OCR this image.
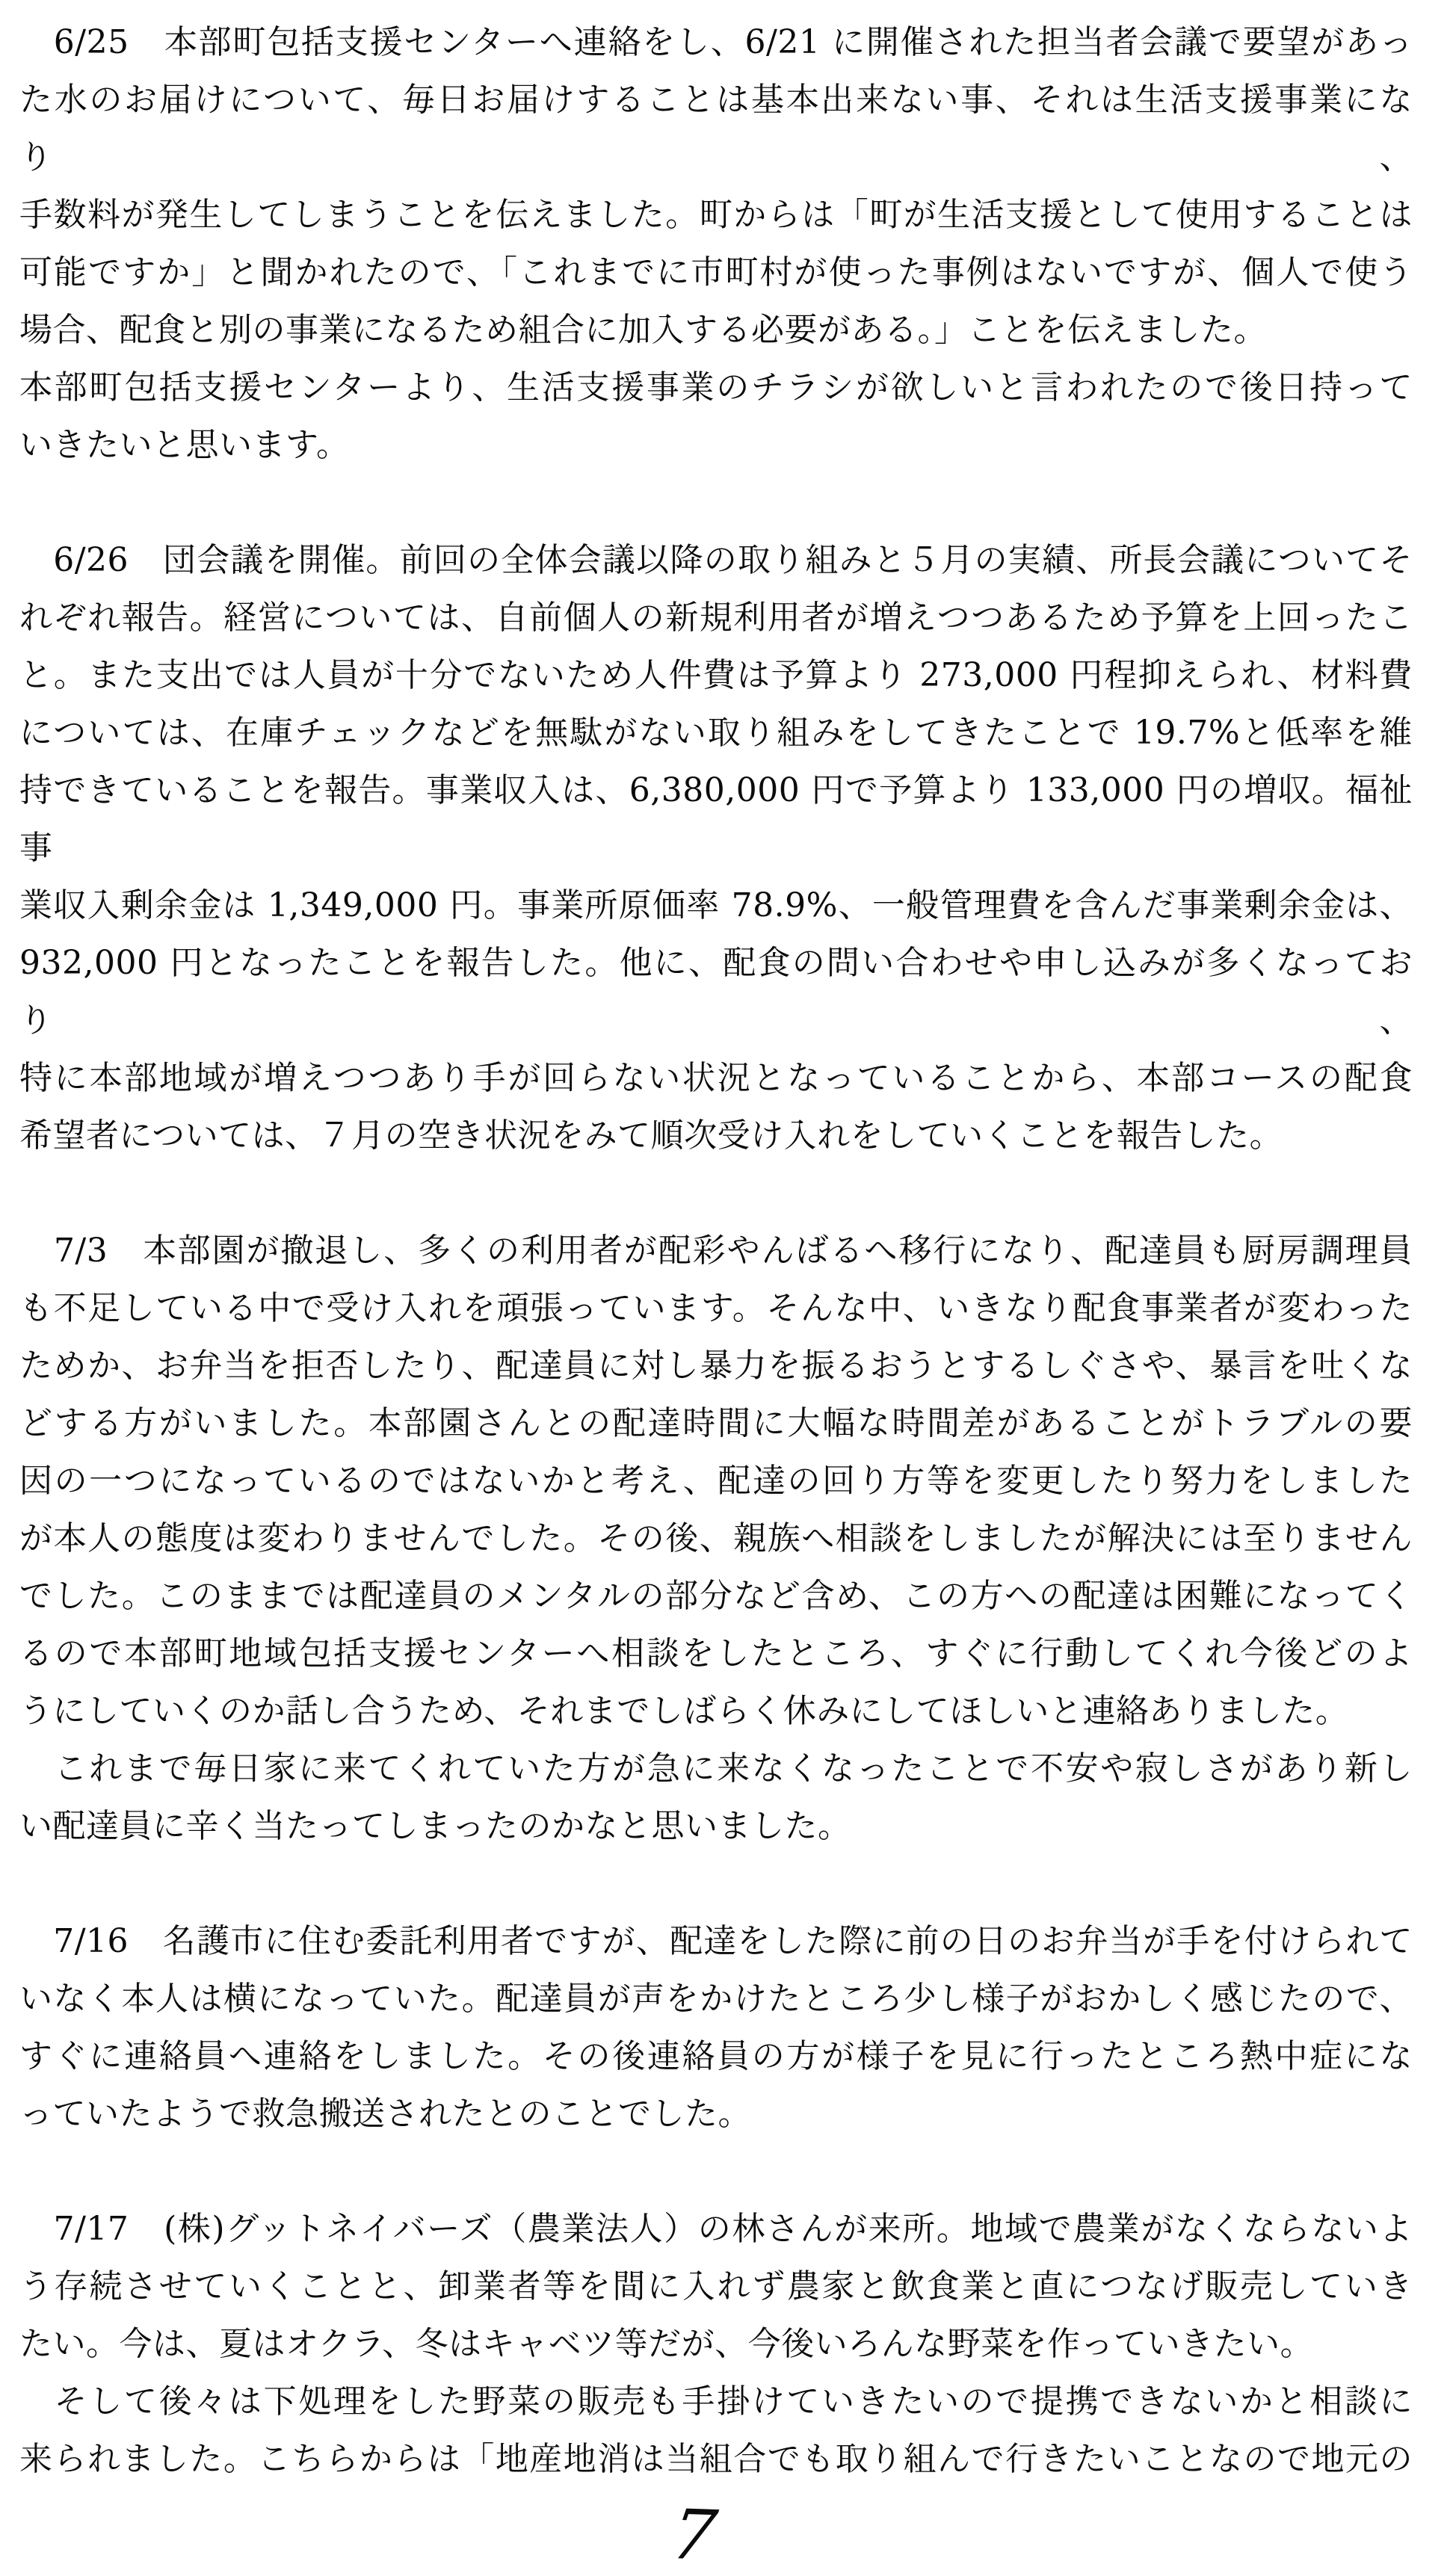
　6/25　本部町包括支援センターへ連絡をし、6/21 に開催された担当者会議で要望があっ
た水のお届けについて、毎日お届けすることは基本出来ない事、それは生活支援事業になり、
手数料が発生してしまうことを伝えました。町からは「町が生活支援として使用することは
可能ですか」と聞かれたので、「これまでに市町村が使った事例はないですが、個人で使う
場合、配食と別の事業になるため組合に加入する必要がある。」ことを伝えました。
本部町包括支援センターより、生活支援事業のチラシが欲しいと言われたので後日持って
いきたいと思います。
　6/26　団会議を開催。前回の全体会議以降の取り組みと５月の実績、所長会議についてそ
れぞれ報告。経営については、自前個人の新規利用者が増えつつあるため予算を上回ったこ
と。また支出では人員が十分でないため人件費は予算より 273,000 円程抑えられ、材料費
については、在庫チェックなどを無駄がない取り組みをしてきたことで 19.7%と低率を維
持できていることを報告。事業収入は、6,380,000 円で予算より 133,000 円の増収。福祉事
業収入剰余金は 1,349,000 円。事業所原価率 78.9%、一般管理費を含んだ事業剰余金は、
932,000 円となったことを報告した。他に、配食の問い合わせや申し込みが多くなっており、
特に本部地域が増えつつあり手が回らない状況となっていることから、本部コースの配食
希望者については、７月の空き状況をみて順次受け入れをしていくことを報告した。
　7/3　本部園が撤退し、多くの利用者が配彩やんばるへ移行になり、配達員も厨房調理員
も不足している中で受け入れを頑張っています。そんな中、いきなり配食事業者が変わった
ためか、お弁当を拒否したり、配達員に対し暴力を振るおうとするしぐさや、暴言を吐くな
どする方がいました。本部園さんとの配達時間に大幅な時間差があることがトラブルの要
因の一つになっているのではないかと考え、配達の回り方等を変更したり努力をしました
が本人の態度は変わりませんでした。その後、親族へ相談をしましたが解決には至りません
でした。このままでは配達員のメンタルの部分など含め、この方への配達は困難になってく
るので本部町地域包括支援センターへ相談をしたところ、すぐに行動してくれ今後どのよ
うにしていくのか話し合うため、それまでしばらく休みにしてほしいと連絡ありました。
　これまで毎日家に来てくれていた方が急に来なくなったことで不安や寂しさがあり新し
い配達員に辛く当たってしまったのかなと思いました。
　7/16　名護市に住む委託利用者ですが、配達をした際に前の日のお弁当が手を付けられて
いなく本人は横になっていた。配達員が声をかけたところ少し様子がおかしく感じたので、
すぐに連絡員へ連絡をしました。その後連絡員の方が様子を見に行ったところ熱中症にな
っていたようで救急搬送されたとのことでした。
　7/17　(株)グットネイバーズ（農業法人）の林さんが来所。地域で農業がなくならないよ
う存続させていくことと、卸業者等を間に入れず農家と飲食業と直につなげ販売していき
たい。今は、夏はオクラ、冬はキャベツ等だが、今後いろんな野菜を作っていきたい。
　そして後々は下処理をした野菜の販売も手掛けていきたいので提携できないかと相談に
来られました。こちらからは「地産地消は当組合でも取り組んで行きたいことなので地元の
7
